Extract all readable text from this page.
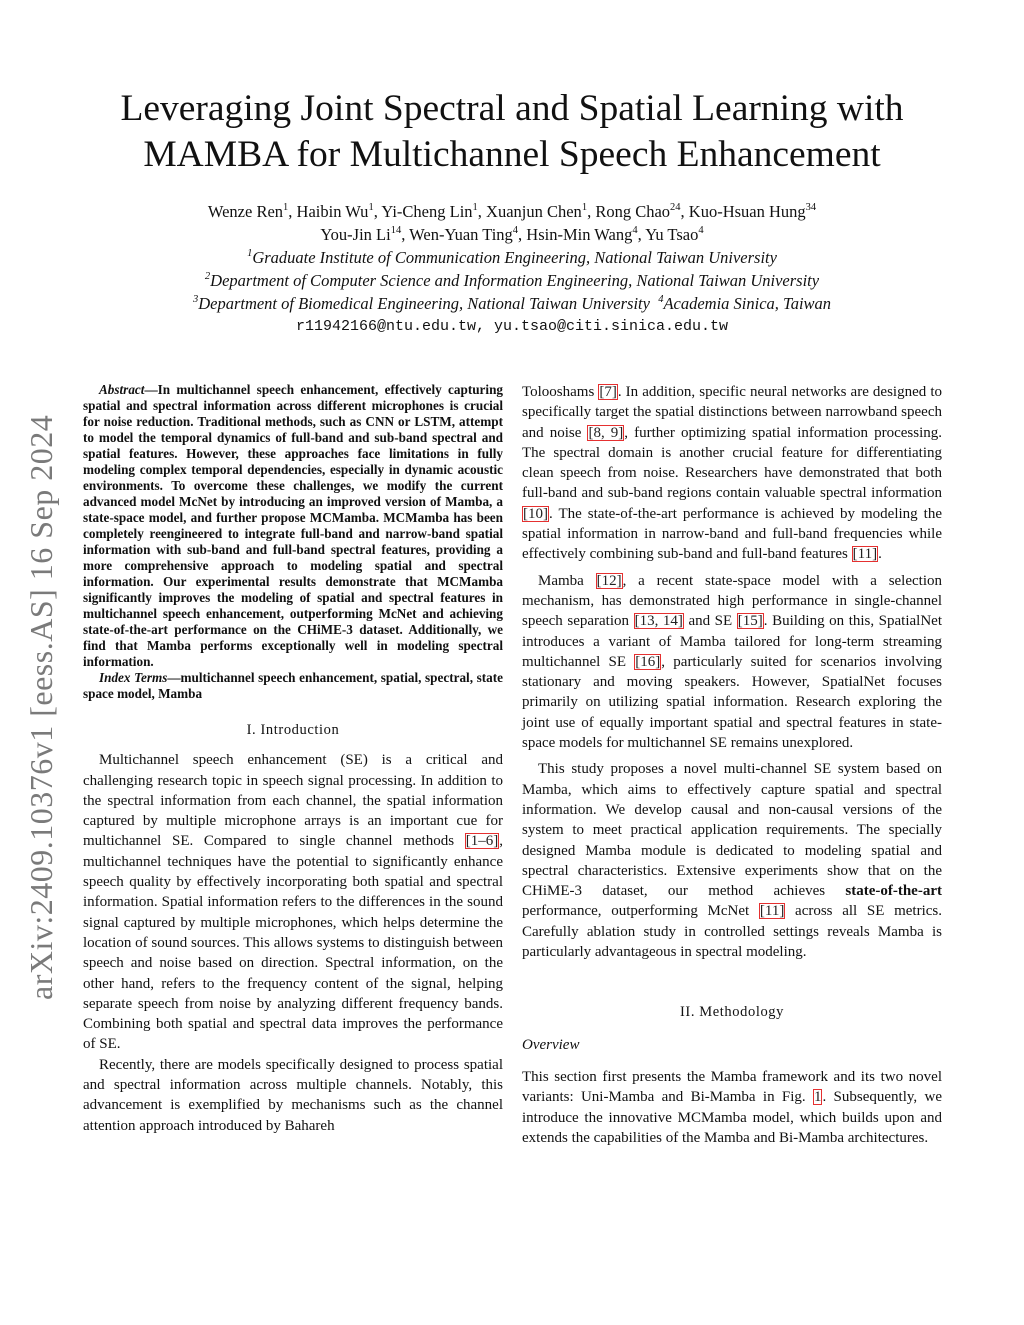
arXiv:2409.10376v1 [eess.AS] 16 Sep 2024
Leveraging Joint Spectral and Spatial Learning with
MAMBA for Multichannel Speech Enhancement
Wenze Ren$^1$, Haibin Wu$^1$, Yi-Cheng Lin$^1$, Xuanjun Chen$^1$, Rong Chao$^{24}$, Kuo-Hsuan Hung$^{34}$
You-Jin Li$^{14}$, Wen-Yuan Ting$^4$, Hsin-Min Wang$^4$, Yu Tsao$^4$
$^1$Graduate Institute of Communication Engineering, National Taiwan University
$^2$Department of Computer Science and Information Engineering, National Taiwan University
$^3$Department of Biomedical Engineering, National Taiwan University $^4$Academia Sinica, Taiwan
r11942166@ntu.edu.tw, yu.tsao@citi.sinica.edu.tw

Abstract—In multichannel speech enhancement, effectively capturing spatial and spectral information across different microphones is crucial for noise reduction. Traditional methods, such as CNN or LSTM, attempt to model the temporal dynamics of full-band and sub-band spectral and spatial features. However, these approaches face limitations in fully modeling complex temporal dependencies, especially in dynamic acoustic environments. To overcome these challenges, we modify the current advanced model McNet by introducing an improved version of Mamba, a state-space model, and further propose MCMamba. MCMamba has been completely reengineered to integrate full-band and narrow-band spatial information with sub-band and full-band spectral features, providing a more comprehensive approach to modeling spatial and spectral information. Our experimental results demonstrate that MCMamba significantly improves the modeling of spatial and spectral features in multichannel speech enhancement, outperforming McNet and achieving state-of-the-art performance on the CHiME-3 dataset. Additionally, we find that Mamba performs exceptionally well in modeling spectral information.

Index Terms—multichannel speech enhancement, spatial, spectral, state space model, Mamba

I. Introduction

Multichannel speech enhancement (SE) is a critical and challenging research topic in speech signal processing. In addition to the spectral information from each channel, the spatial information captured by multiple microphone arrays is an important cue for multichannel SE. Compared to single channel methods [1–6], multichannel techniques have the potential to significantly enhance speech quality by effectively incorporating both spatial and spectral information. Spatial information refers to the differences in the sound signal captured by multiple microphones, which helps determine the location of sound sources. This allows systems to distinguish between speech and noise based on direction. Spectral information, on the other hand, refers to the frequency content of the signal, helping separate speech from noise by analyzing different frequency bands. Combining both spatial and spectral data improves the performance of SE.

Recently, there are models specifically designed to process spatial and spectral information across multiple channels. Notably, this advancement is exemplified by mechanisms such as the channel attention approach introduced by Bahareh

Tolooshams [7]. In addition, specific neural networks are designed to specifically target the spatial distinctions between narrowband speech and noise [8, 9], further optimizing spatial information processing. The spectral domain is another crucial feature for differentiating clean speech from noise. Researchers have demonstrated that both full-band and sub-band regions contain valuable spectral information [10]. The state-of-the-art performance is achieved by modeling the spatial information in narrow-band and full-band frequencies while effectively combining sub-band and full-band features [11].

Mamba [12], a recent state-space model with a selection mechanism, has demonstrated high performance in single-channel speech separation [13, 14] and SE [15]. Building on this, SpatialNet introduces a variant of Mamba tailored for long-term streaming multichannel SE [16], particularly suited for scenarios involving stationary and moving speakers. However, SpatialNet focuses primarily on utilizing spatial information. Research exploring the joint use of equally important spatial and spectral features in state-space models for multichannel SE remains unexplored.

This study proposes a novel multi-channel SE system based on Mamba, which aims to effectively capture spatial and spectral information. We develop causal and non-causal versions of the system to meet practical application requirements. The specially designed Mamba module is dedicated to modeling spatial and spectral characteristics. Extensive experiments show that on the CHiME-3 dataset, our method achieves state-of-the-art performance, outperforming McNet [11] across all SE metrics. Carefully ablation study in controlled settings reveals Mamba is particularly advantageous in spectral modeling.

II. Methodology
Overview

This section first presents the Mamba framework and its two novel variants: Uni-Mamba and Bi-Mamba in Fig. 1. Subsequently, we introduce the innovative MCMamba model, which builds upon and extends the capabilities of the Mamba and Bi-Mamba architectures.
